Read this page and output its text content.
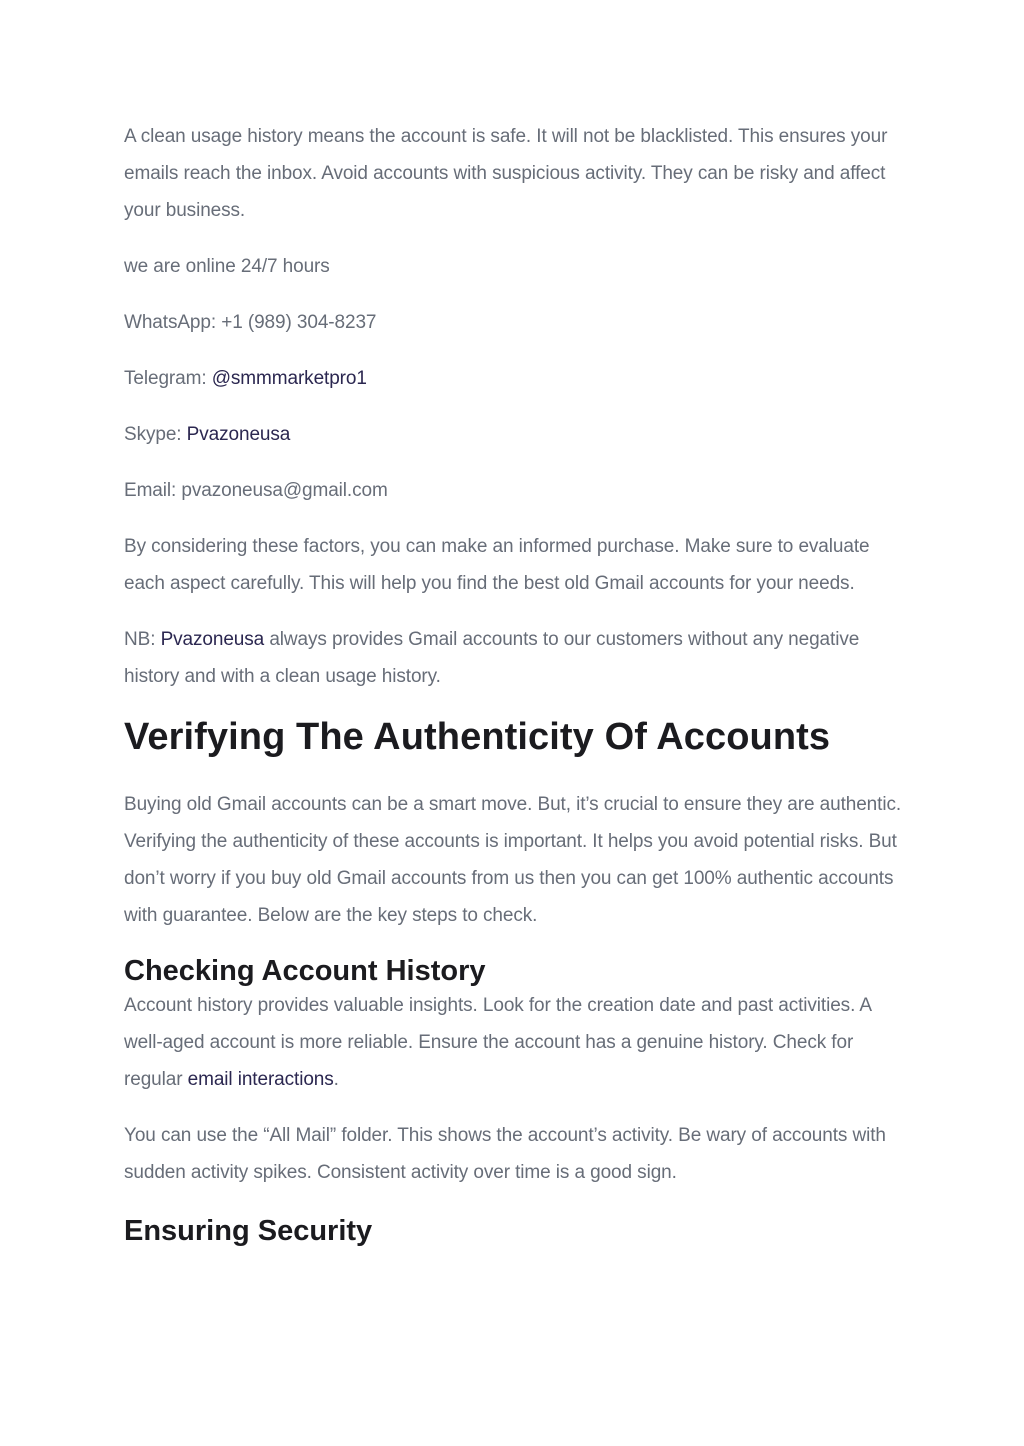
A clean usage history means the account is safe. It will not be blacklisted. This ensures your emails reach the inbox. Avoid accounts with suspicious activity. They can be risky and affect your business.

we are online 24/7 hours

WhatsApp: +1 (989) 304-8237

Telegram: @smmmarketpro1

Skype: Pvazoneusa

Email: pvazoneusa@gmail.com

By considering these factors, you can make an informed purchase. Make sure to evaluate each aspect carefully. This will help you find the best old Gmail accounts for your needs.

NB: Pvazoneusa always provides Gmail accounts to our customers without any negative history and with a clean usage history.

Verifying The Authenticity Of Accounts

Buying old Gmail accounts can be a smart move. But, it’s crucial to ensure they are authentic. Verifying the authenticity of these accounts is important. It helps you avoid potential risks. But don’t worry if you buy old Gmail accounts from us then you can get 100% authentic accounts with guarantee. Below are the key steps to check.

Checking Account History

Account history provides valuable insights. Look for the creation date and past activities. A well-aged account is more reliable. Ensure the account has a genuine history. Check for regular email interactions.

You can use the “All Mail” folder. This shows the account’s activity. Be wary of accounts with sudden activity spikes. Consistent activity over time is a good sign.

Ensuring Security
